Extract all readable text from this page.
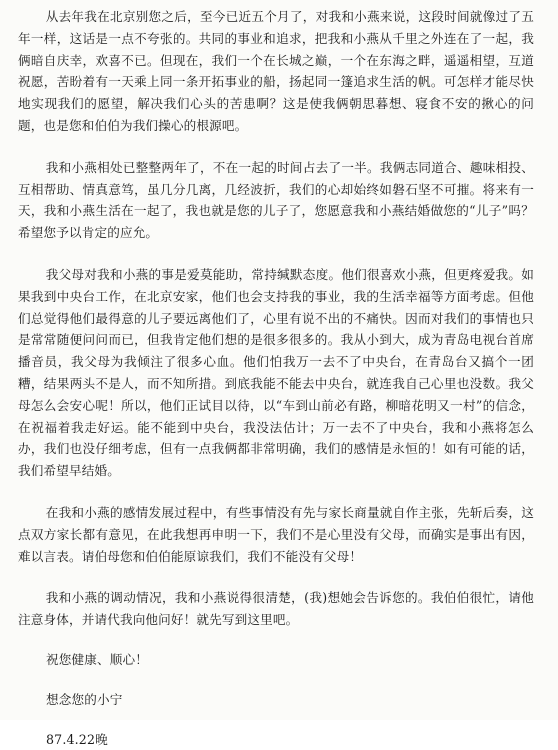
从去年我在北京别您之后，至今已近五个月了，对我和小燕来说，这段时间就像过了五年一样，这话是一点不夸张的。共同的事业和追求，把我和小燕从千里之外连在了一起，我俩暗自庆幸，欢喜不已。但现在，我们一个在长城之巅，一个在东海之畔，遥遥相望，互道祝愿，苦盼着有一天乘上同一条开拓事业的船，扬起同一篷追求生活的帆。可怎样才能尽快地实现我们的愿望，解决我们心头的苦患啊？这是使我俩朝思暮想、寝食不安的揪心的问题，也是您和伯伯为我们操心的根源吧。

我和小燕相处已整整两年了，不在一起的时间占去了一半。我俩志同道合、趣味相投、互相帮助、情真意笃，虽几分几离，几经波折，我们的心却始终如磐石坚不可摧。将来有一天，我和小燕生活在一起了，我也就是您的儿子了，您愿意我和小燕结婚做您的“儿子”吗？希望您予以肯定的应允。

我父母对我和小燕的事是爱莫能助，常持缄默态度。他们很喜欢小燕，但更疼爱我。如果我到中央台工作，在北京安家，他们也会支持我的事业，我的生活幸福等方面考虑。但他们总觉得他们最得意的儿子要远离他们了，心里有说不出的不痛快。因而对我们的事情也只是常常随便问问而已，但我肯定他们想的是很多很多的。我从小到大，成为青岛电视台首席播音员，我父母为我倾注了很多心血。他们怕我万一去不了中央台，在青岛台又搞个一团糟，结果两头不是人，而不知所措。到底我能不能去中央台，就连我自己心里也没数。我父母怎么会安心呢！所以，他们正试目以待，以“车到山前必有路，柳暗花明又一村”的信念，在祝福着我走好运。能不能到中央台，我没法估计；万一去不了中央台，我和小燕将怎么办，我们也没仔细考虑，但有一点我俩都非常明确，我们的感情是永恒的！如有可能的话，我们希望早结婚。

在我和小燕的感情发展过程中，有些事情没有先与家长商量就自作主张，先斩后奏，这点双方家长都有意见，在此我想再申明一下，我们不是心里没有父母，而确实是事出有因，难以言表。请伯母您和伯伯能原谅我们，我们不能没有父母！

我和小燕的调动情况，我和小燕说得很清楚，(我)想她会告诉您的。我伯伯很忙，请他注意身体，并请代我向他问好！就先写到这里吧。

祝您健康、顺心！

想念您的小宁

87.4.22晚
